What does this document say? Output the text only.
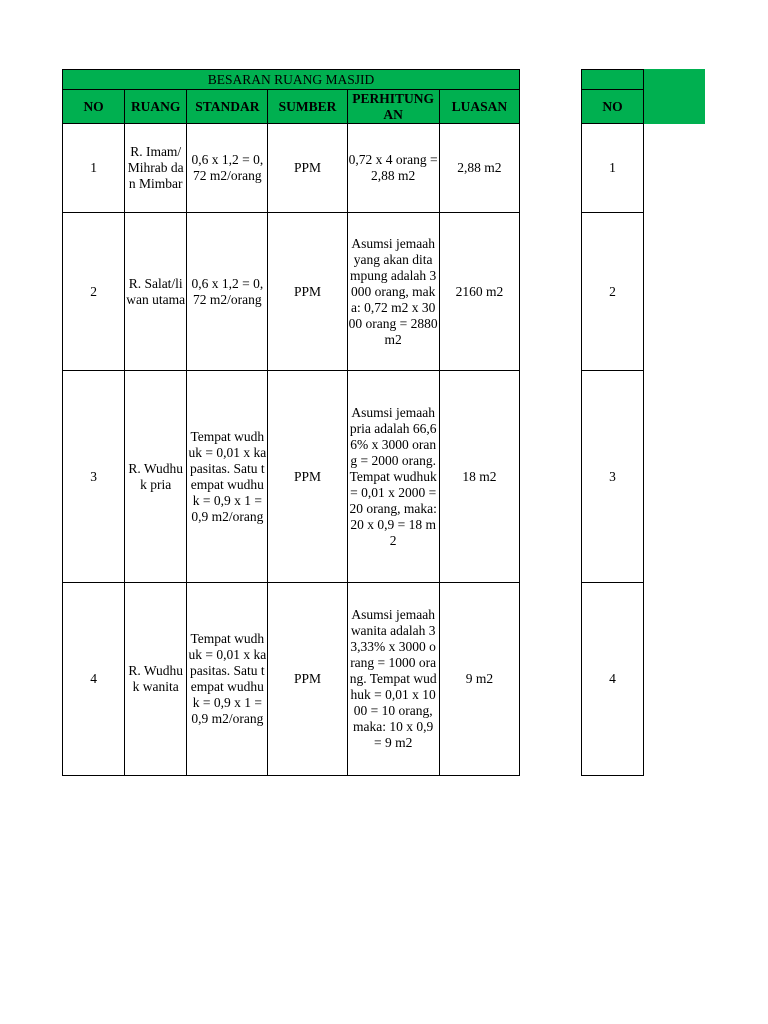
BESARAN RUANG MASJID					
NO	RUANG	STANDAR	SUMBER	PERHITUNGAN	LUASAN
1	R. Imam/Mihrab dan Mimbar	0,6 x 1,2 = 0,72 m2/orang	PPM	0,72 x 4 orang = 2,88 m2	2,88 m2
2	R. Salat/liwan utama	0,6 x 1,2 = 0,72 m2/orang	PPM	Asumsi jemaah yang akan ditampung adalah 3000 orang, maka: 0,72 m2 x 3000 orang = 2880 m2	2160 m2
3	R. Wudhuk pria	Tempat wudhuk = 0,01 x kapasitas. Satu tempat wudhuk = 0,9 x 1 = 0,9 m2/orang	PPM	Asumsi jemaah pria adalah 66,66% x 3000 orang = 2000 orang. Tempat wudhuk = 0,01 x 2000 = 20 orang, maka: 20 x 0,9 = 18 m2	18 m2
4	R. Wudhuk wanita	Tempat wudhuk = 0,01 x kapasitas. Satu tempat wudhuk = 0,9 x 1 = 0,9 m2/orang	PPM	Asumsi jemaah wanita adalah 33,33% x 3000 orang = 1000 orang. Tempat wudhuk = 0,01 x 1000 = 10 orang, maka: 10 x 0,9 = 9 m2	9 m2

NO
1
2
3
4
